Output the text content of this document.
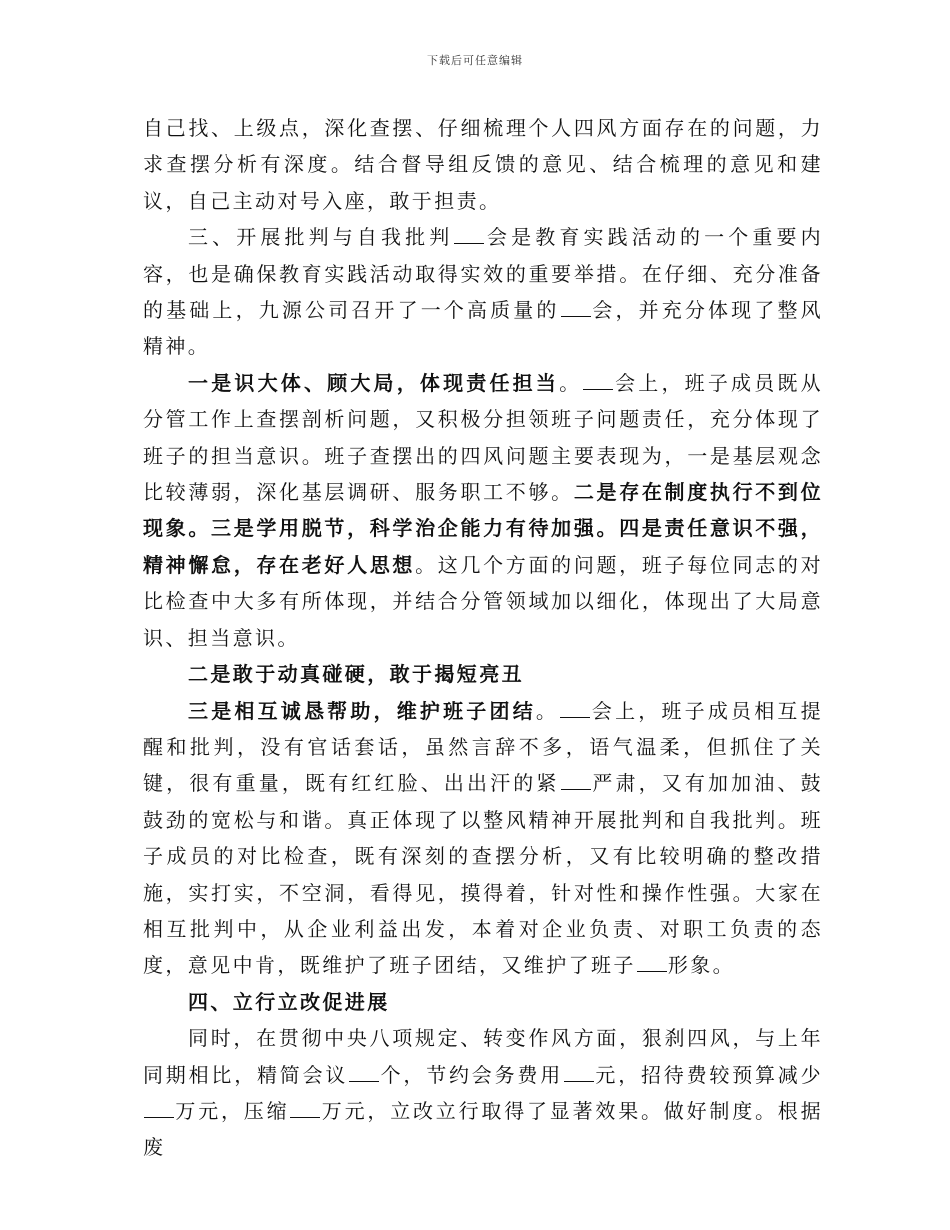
下载后可任意编辑

自己找、上级点，深化查摆、仔细梳理个人四风方面存在的问题，力求查摆分析有深度。结合督导组反馈的意见、结合梳理的意见和建议，自己主动对号入座，敢于担责。

三、开展批判与自我批判 会是教育实践活动的一个重要内容，也是确保教育实践活动取得实效的重要举措。在仔细、充分准备的基础上，九源公司召开了一个高质量的 会，并充分体现了整风精神。

一是识大体、顾大局，体现责任担当。 会上，班子成员既从分管工作上查摆剖析问题，又积极分担领班子问题责任，充分体现了班子的担当意识。班子查摆出的四风问题主要表现为，一是基层观念比较薄弱，深化基层调研、服务职工不够。二是存在制度执行不到位现象。三是学用脱节，科学治企能力有待加强。四是责任意识不强，精神懈怠，存在老好人思想。这几个方面的问题，班子每位同志的对比检查中大多有所体现，并结合分管领域加以细化，体现出了大局意识、担当意识。

二是敢于动真碰硬，敢于揭短亮丑

三是相互诚恳帮助，维护班子团结。 会上，班子成员相互提醒和批判，没有官话套话，虽然言辞不多，语气温柔，但抓住了关键，很有重量，既有红红脸、出出汗的紧 严肃，又有加加油、鼓鼓劲的宽松与和谐。真正体现了以整风精神开展批判和自我批判。班子成员的对比检查，既有深刻的查摆分析，又有比较明确的整改措施，实打实，不空洞，看得见，摸得着，针对性和操作性强。大家在相互批判中，从企业利益出发，本着对企业负责、对职工负责的态度，意见中肯，既维护了班子团结，又维护了班子 形象。

四、立行立改促进展

同时，在贯彻中央八项规定、转变作风方面，狠刹四风，与上年同期相比，精简会议 个，节约会务费用 元，招待费较预算减少万元，压缩 万元，立改立行取得了显著效果。做好制度。根据废
